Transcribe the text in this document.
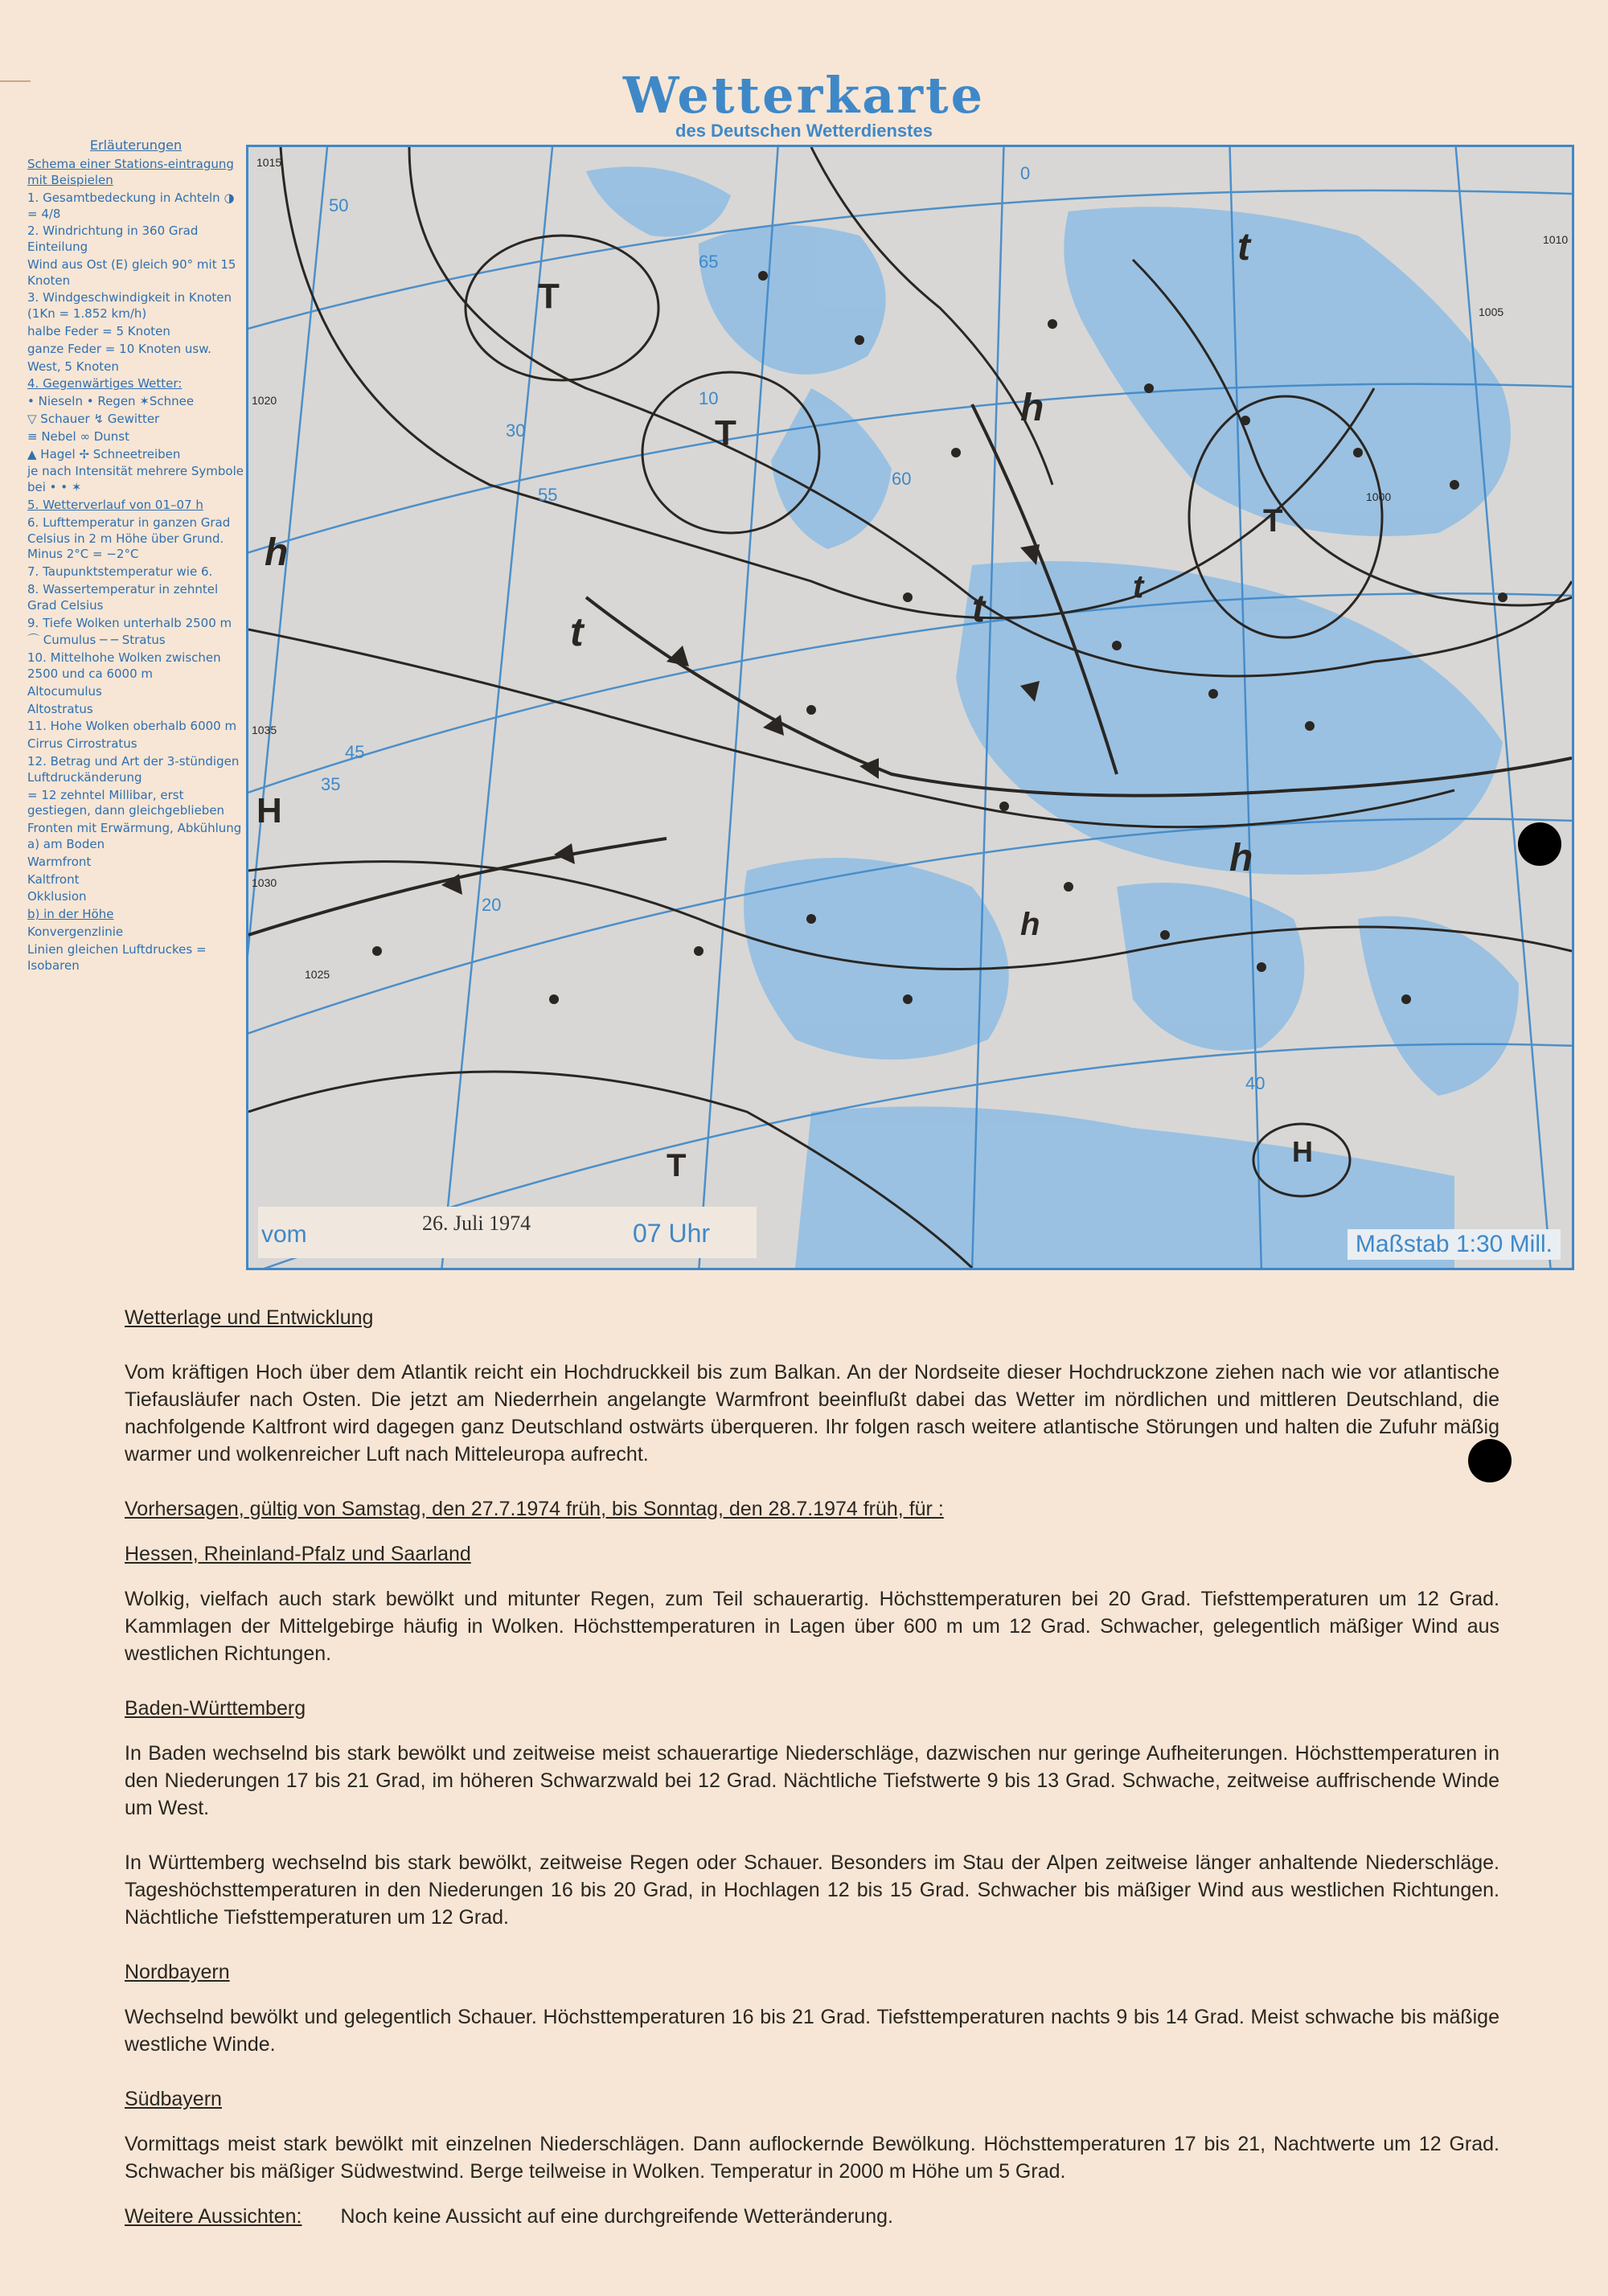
Wetterkarte
des Deutschen Wetterdienstes
Erläuterungen
Schema einer Stations-eintragung mit Beispielen
1. Gesamtbedeckung in Achteln ◑ = 4/8
2. Windrichtung in 360 Grad Einteilung
Wind aus Ost (E) gleich 90° mit 15 Knoten
3. Windgeschwindigkeit in Knoten (1Kn = 1.852 km/h)
halbe Feder = 5 Knoten
ganze Feder = 10 Knoten usw.
West, 5 Knoten
4. Gegenwärtiges Wetter:
• Nieseln • Regen ✶Schnee
▽ Schauer ↯ Gewitter
≡ Nebel ∞ Dunst
▲ Hagel ✢ Schneetreiben
je nach Intensität mehrere Symbole bei • • ✶
5. Wetterverlauf von 01–07 h
6. Lufttemperatur in ganzen Grad Celsius in 2 m Höhe über Grund. Minus 2°C = −2°C
7. Taupunktstemperatur wie 6.
8. Wassertemperatur in zehntel Grad Celsius
9. Tiefe Wolken unterhalb 2500 m
⌒ Cumulus ─ ─ Stratus
10. Mittelhohe Wolken zwischen 2500 und ca 6000 m
Altocumulus
Altostratus
11. Hohe Wolken oberhalb 6000 m
Cirrus Cirrostratus
12. Betrag und Art der 3-stündigen Luftdruckänderung
= 12 zehntel Millibar, erst gestiegen, dann gleichgeblieben
Fronten mit Erwärmung, Abkühlung a) am Boden
Warmfront
Kaltfront
Okklusion
b) in der Höhe
Konvergenzlinie
Linien gleichen Luftdruckes = Isobaren
T
T
T
T
H
H
h
h
h
h
t
t
t
t
1015
1020
1025
1030
1035
1005
1000
1010
50
55
60
65
45
40
35
30
20
10
0
vom	26. Juli 1974	07 Uhr	Maßstab 1:30 Mill.

Wetterlage und Entwicklung

Vom kräftigen Hoch über dem Atlantik reicht ein Hochdruckkeil bis zum Balkan. An der Nordseite dieser Hochdruckzone ziehen nach wie vor atlantische Tiefausläufer nach Osten. Die jetzt am Niederrhein angelangte Warmfront beeinflußt dabei das Wetter im nördlichen und mittleren Deutschland, die nachfolgende Kaltfront wird dagegen ganz Deutschland ostwärts überqueren. Ihr folgen rasch weitere atlantische Störungen und halten die Zufuhr mäßig warmer und wolkenreicher Luft nach Mitteleuropa aufrecht.

Vorhersagen, gültig von Samstag, den 27.7.1974 früh, bis Sonntag, den 28.7.1974 früh, für :

Hessen, Rheinland-Pfalz und Saarland

Wolkig, vielfach auch stark bewölkt und mitunter Regen, zum Teil schauerartig. Höchsttemperaturen bei 20 Grad. Tiefsttemperaturen um 12 Grad. Kammlagen der Mittelgebirge häufig in Wolken. Höchsttemperaturen in Lagen über 600 m um 12 Grad. Schwacher, gelegentlich mäßiger Wind aus westlichen Richtungen.

Baden-Württemberg

In Baden wechselnd bis stark bewölkt und zeitweise meist schauerartige Niederschläge, dazwischen nur geringe Aufheiterungen. Höchsttemperaturen in den Niederungen 17 bis 21 Grad, im höheren Schwarzwald bei 12 Grad. Nächtliche Tiefstwerte 9 bis 13 Grad. Schwache, zeitweise auffrischende Winde um West.

In Württemberg wechselnd bis stark bewölkt, zeitweise Regen oder Schauer. Besonders im Stau der Alpen zeitweise länger anhaltende Niederschläge. Tageshöchsttemperaturen in den Niederungen 16 bis 20 Grad, in Hochlagen 12 bis 15 Grad. Schwacher bis mäßiger Wind aus westlichen Richtungen. Nächtliche Tiefsttemperaturen um 12 Grad.

Nordbayern

Wechselnd bewölkt und gelegentlich Schauer. Höchsttemperaturen 16 bis 21 Grad. Tiefsttemperaturen nachts 9 bis 14 Grad. Meist schwache bis mäßige westliche Winde.

Südbayern

Vormittags meist stark bewölkt mit einzelnen Niederschlägen. Dann auflockernde Bewölkung. Höchsttemperaturen 17 bis 21, Nachtwerte um 12 Grad. Schwacher bis mäßiger Südwestwind. Berge teilweise in Wolken. Temperatur in 2000 m Höhe um 5 Grad.

Weitere Aussichten: Noch keine Aussicht auf eine durchgreifende Wetteränderung.
